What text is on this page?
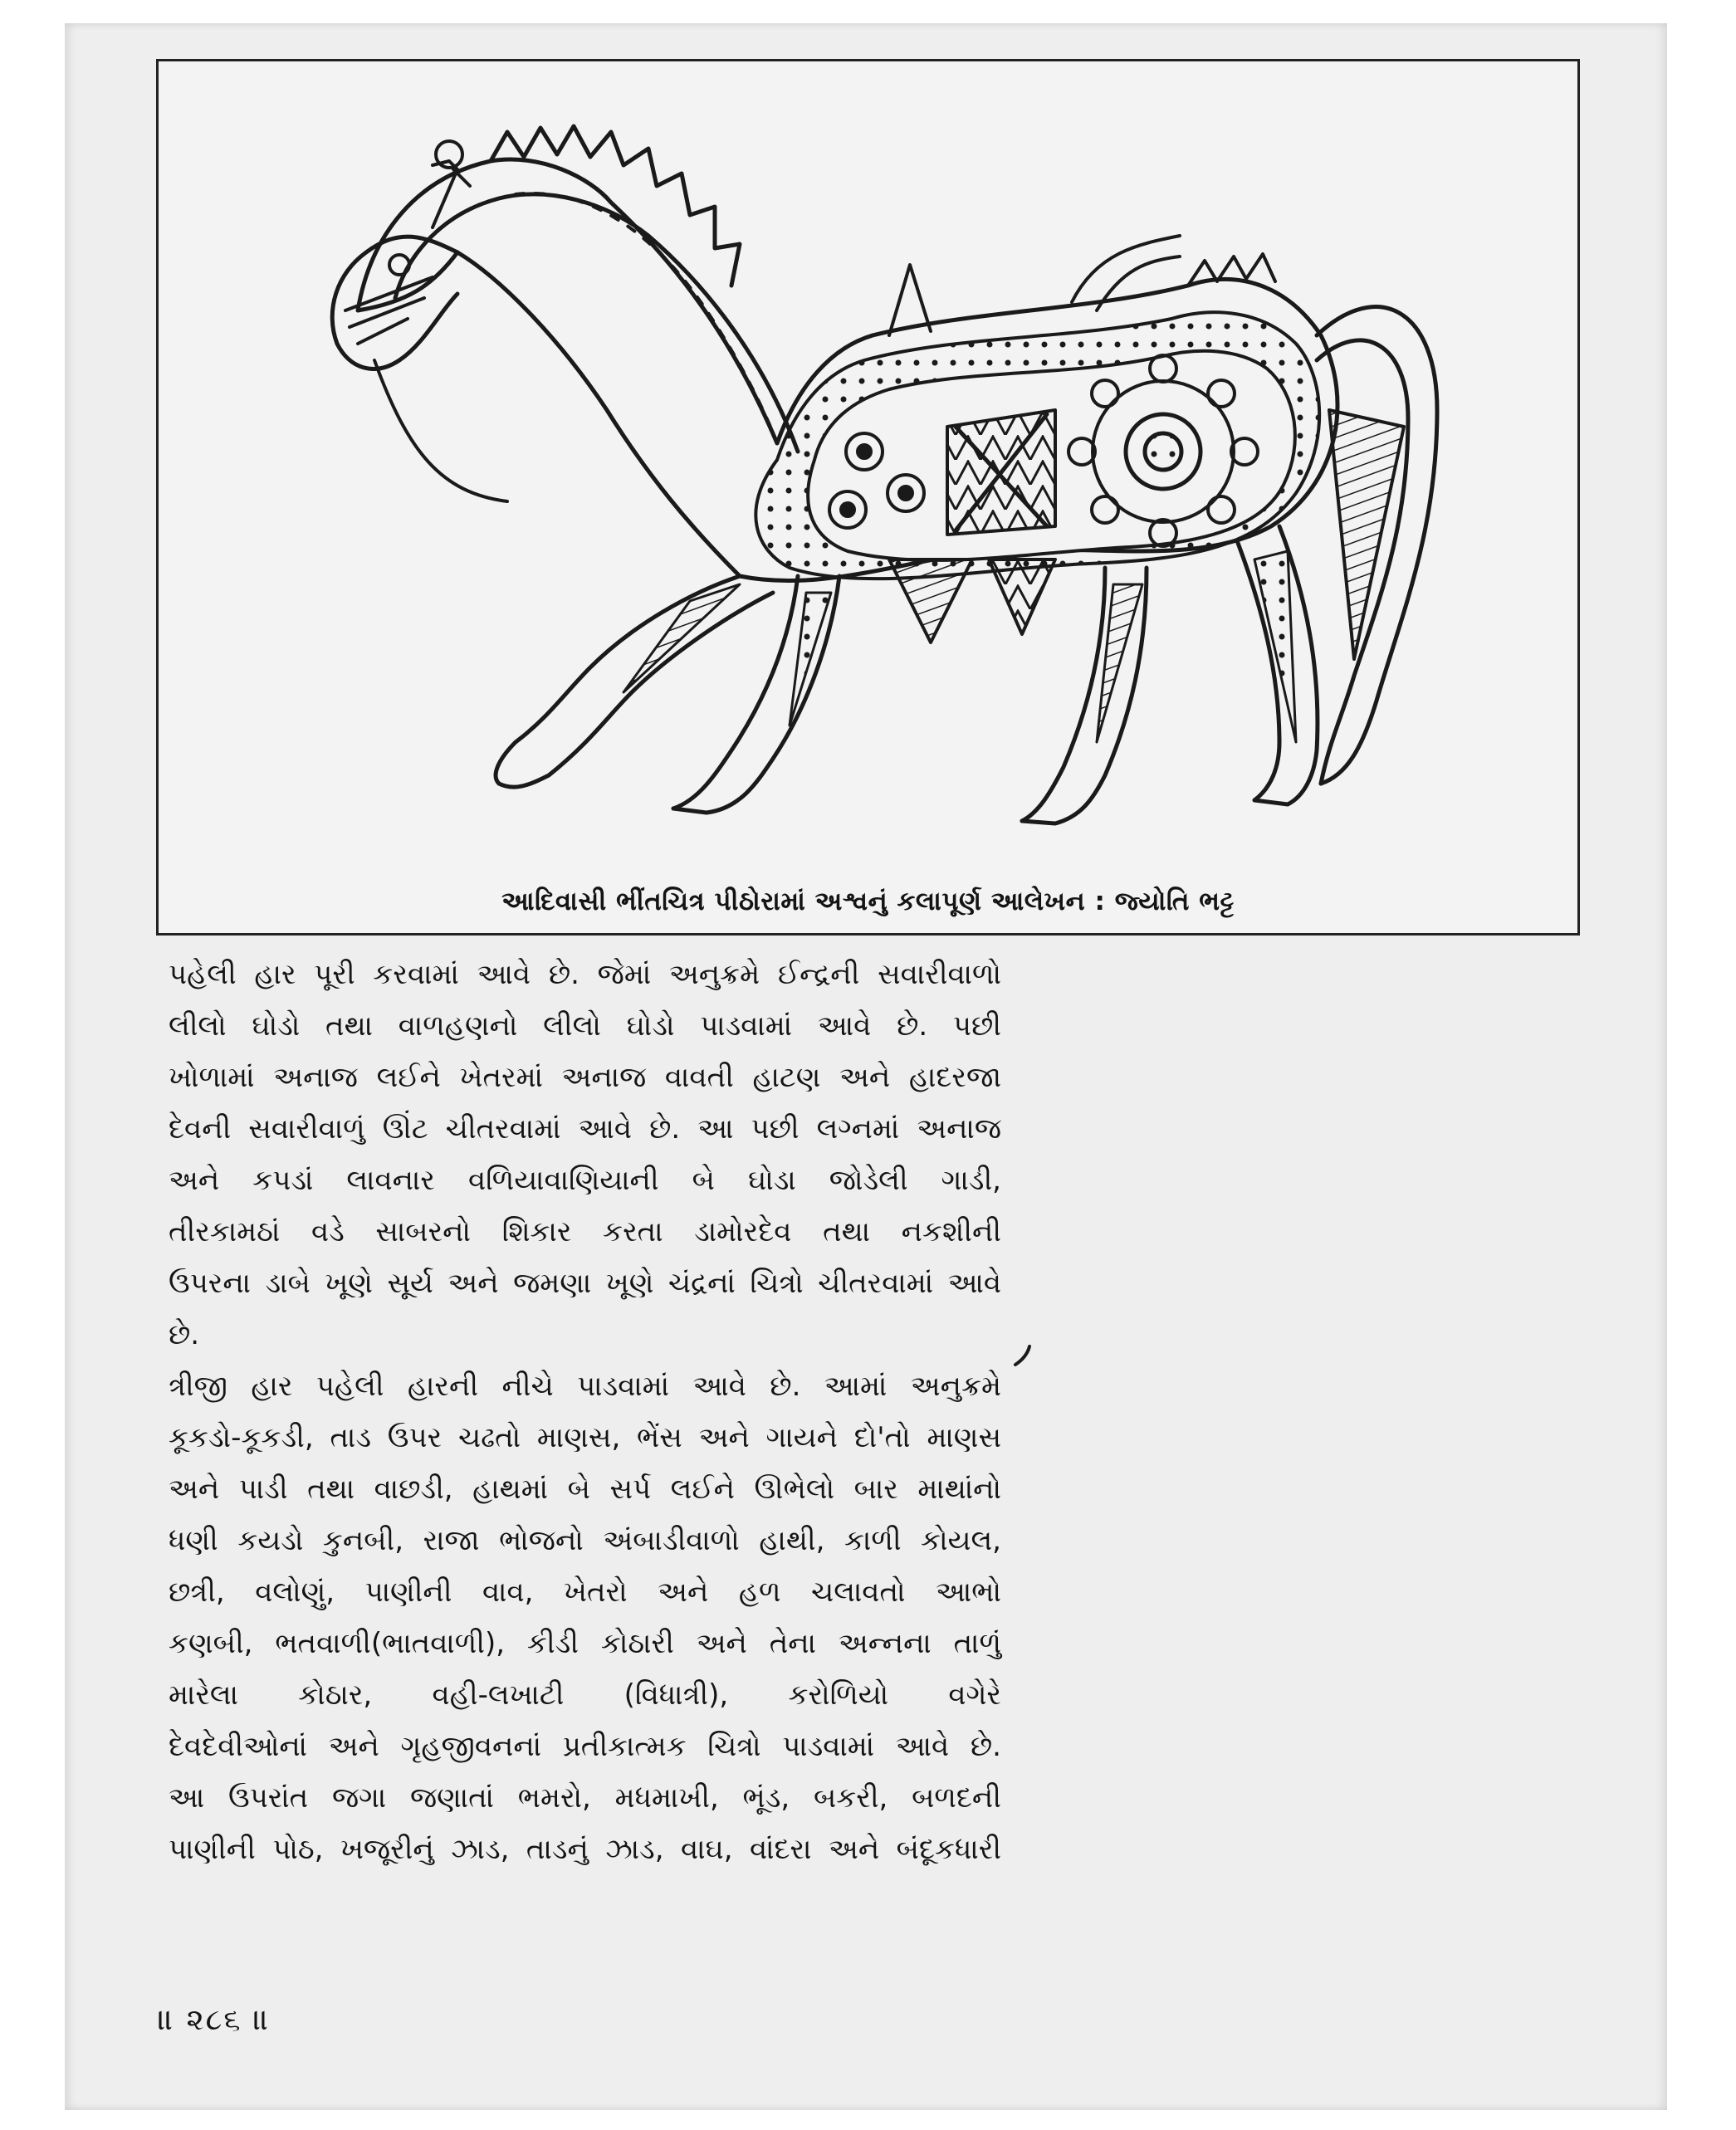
આદિવાસી ભીંતચિત્ર પીઠોરામાં અશ્વનું કલાપૂર્ણ આલેખન : જ્યોતિ ભટ્ટ
પહેલી હાર પૂરી કરવામાં આવે છે. જેમાં અનુક્રમે ઈન્દ્રની સવારીવાળો
લીલો ઘોડો તથા વાળહણનો લીલો ઘોડો પાડવામાં આવે છે. પછી
ખોળામાં અનાજ લઈને ખેતરમાં અનાજ વાવતી હાટણ અને હાદરજા
દેવની સવારીવાળું ઊંટ ચીતરવામાં આવે છે. આ પછી લગ્નમાં અનાજ
અને કપડાં લાવનાર વળિયાવાણિયાની બે ઘોડા જોડેલી ગાડી,
તીરકામઠાં વડે સાબરનો શિકાર કરતા ડામોરદેવ તથા નકશીની
ઉપરના ડાબે ખૂણે સૂર્ય અને જમણા ખૂણે ચંદ્રનાં ચિત્રો ચીતરવામાં આવે
છે.
ત્રીજી હાર પહેલી હારની નીચે પાડવામાં આવે છે. આમાં અનુક્રમે
કૂકડો-કૂકડી, તાડ ઉપર ચઢતો માણસ, ભેંસ અને ગાયને દો'તો માણસ
અને પાડી તથા વાછડી, હાથમાં બે સર્પ લઈને ઊભેલો બાર માથાંનો
ધણી કયડો કુનબી, રાજા ભોજનો અંબાડીવાળો હાથી, કાળી કોયલ,
છત્રી, વલોણું, પાણીની વાવ, ખેતરો અને હળ ચલાવતો આભો
કણબી, ભતવાળી(ભાતવાળી), કીડી કોઠારી અને તેના અન્નના તાળું
મારેલા કોઠાર, વહી-લખાટી (વિધાત્રી), કરોળિયો વગેરે
દેવદેવીઓનાં અને ગૃહજીવનનાં પ્રતીકાત્મક ચિત્રો પાડવામાં આવે છે.
આ ઉપરાંત જગા જણાતાં ભમરો, મધમાખી, ભૂંડ, બકરી, બળદની
પાણીની પોઠ, ખજૂરીનું ઝાડ, તાડનું ઝાડ, વાઘ, વાંદરા અને બંદૂકધારી
॥ ૨૮૬ ॥
